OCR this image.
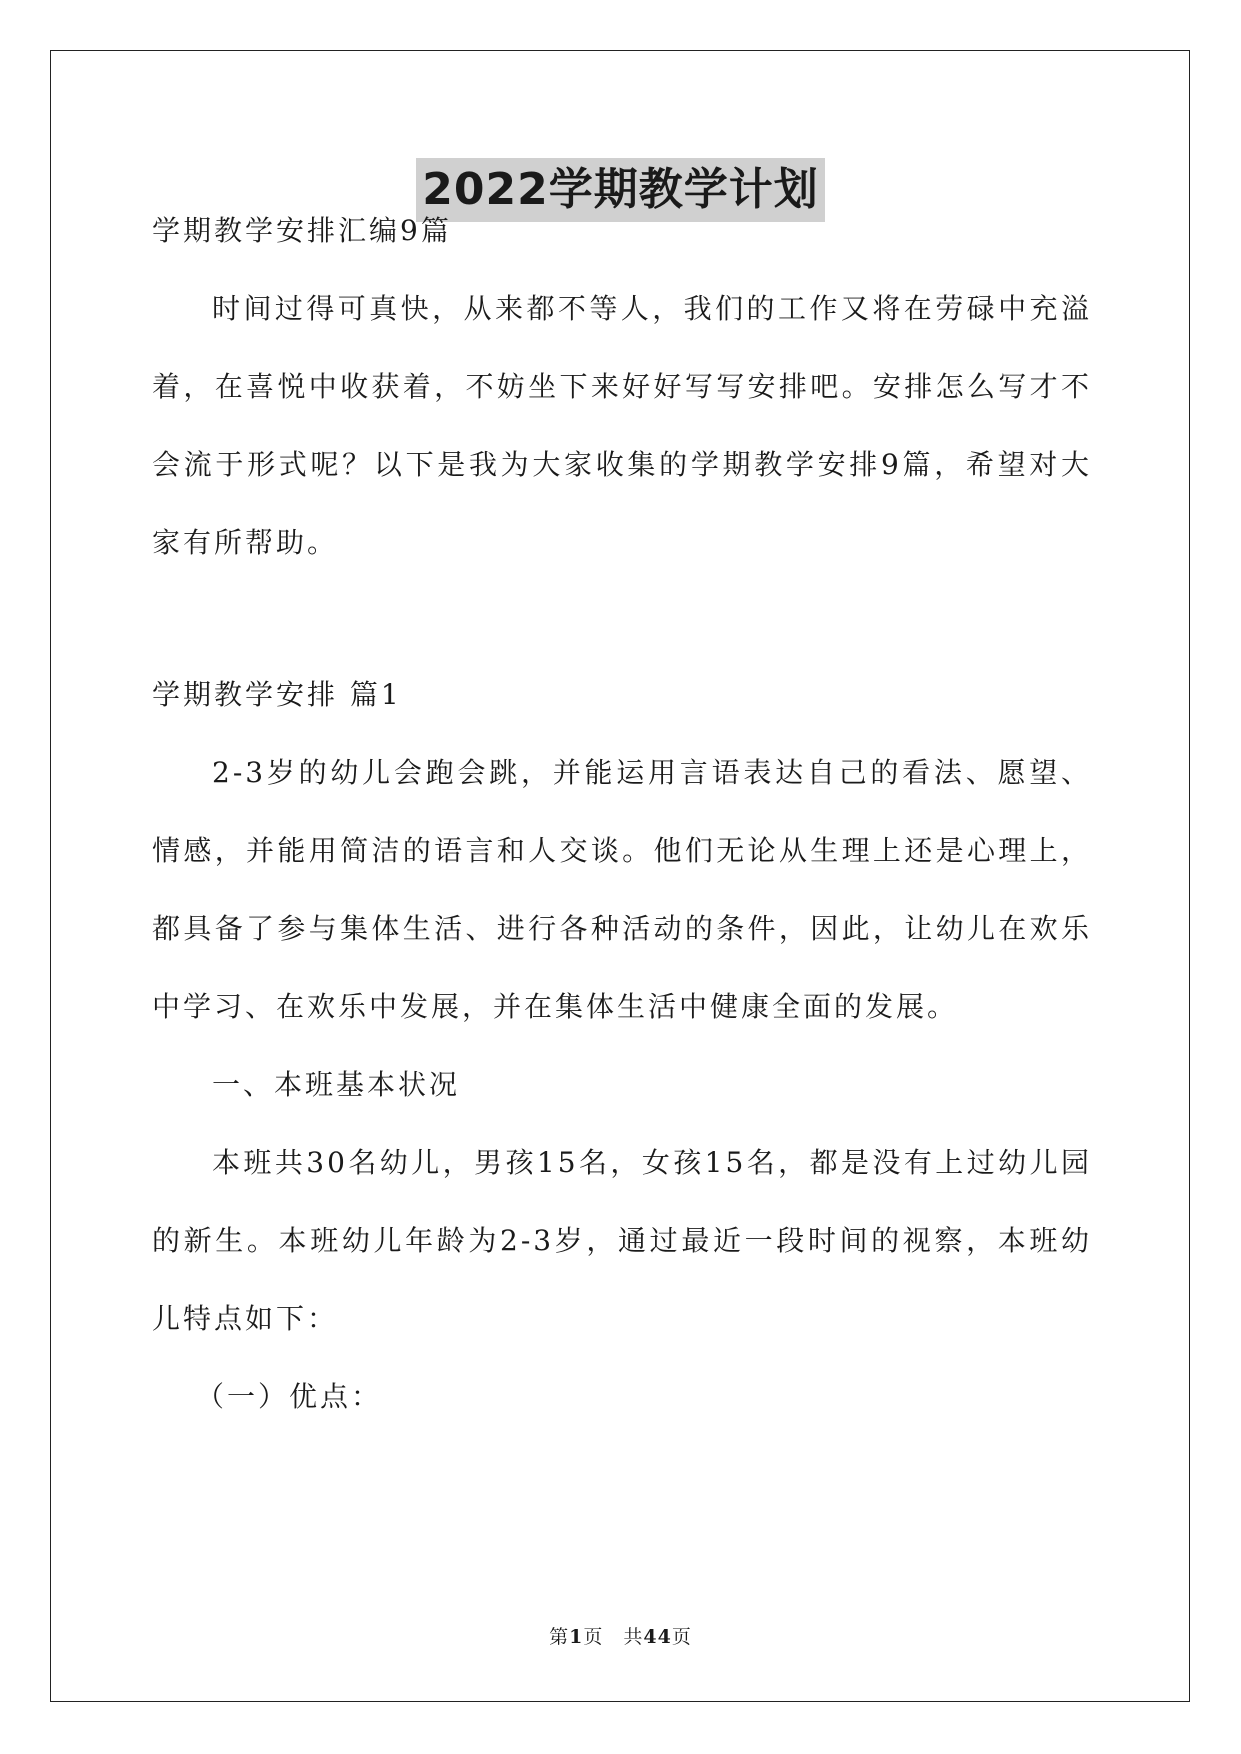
2022学期教学计划

学期教学安排汇编9篇

时间过得可真快，从来都不等人，我们的工作又将在劳碌中充溢着，在喜悦中收获着，不妨坐下来好好写写安排吧。安排怎么写才不会流于形式呢？以下是我为大家收集的学期教学安排9篇，希望对大家有所帮助。

学期教学安排 篇1

2-3岁的幼儿会跑会跳，并能运用言语表达自己的看法、愿望、情感，并能用简洁的语言和人交谈。他们无论从生理上还是心理上，都具备了参与集体生活、进行各种活动的条件，因此，让幼儿在欢乐中学习、在欢乐中发展，并在集体生活中健康全面的发展。

一、本班基本状况

本班共30名幼儿，男孩15名，女孩15名，都是没有上过幼儿园的新生。本班幼儿年龄为2-3岁，通过最近一段时间的视察，本班幼儿特点如下：

（一）优点：

第1页　共44页
